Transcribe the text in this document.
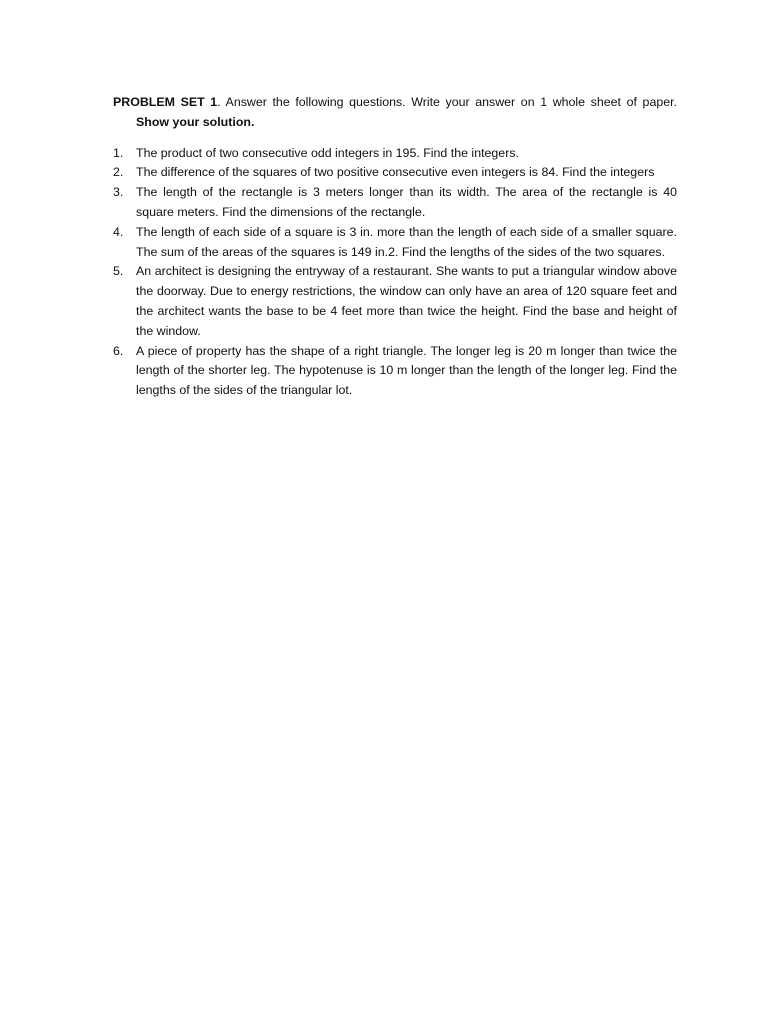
PROBLEM SET 1. Answer the following questions. Write your answer on 1 whole sheet of paper. Show your solution.

1. The product of two consecutive odd integers in 195. Find the integers.
2. The difference of the squares of two positive consecutive even integers is 84. Find the integers
3. The length of the rectangle is 3 meters longer than its width. The area of the rectangle is 40 square meters. Find the dimensions of the rectangle.
4. The length of each side of a square is 3 in. more than the length of each side of a smaller square. The sum of the areas of the squares is 149 in.2. Find the lengths of the sides of the two squares.
5. An architect is designing the entryway of a restaurant. She wants to put a triangular window above the doorway. Due to energy restrictions, the window can only have an area of 120 square feet and the architect wants the base to be 4 feet more than twice the height. Find the base and height of the window.
6. A piece of property has the shape of a right triangle. The longer leg is 20 m longer than twice the length of the shorter leg. The hypotenuse is 10 m longer than the length of the longer leg. Find the lengths of the sides of the triangular lot.
